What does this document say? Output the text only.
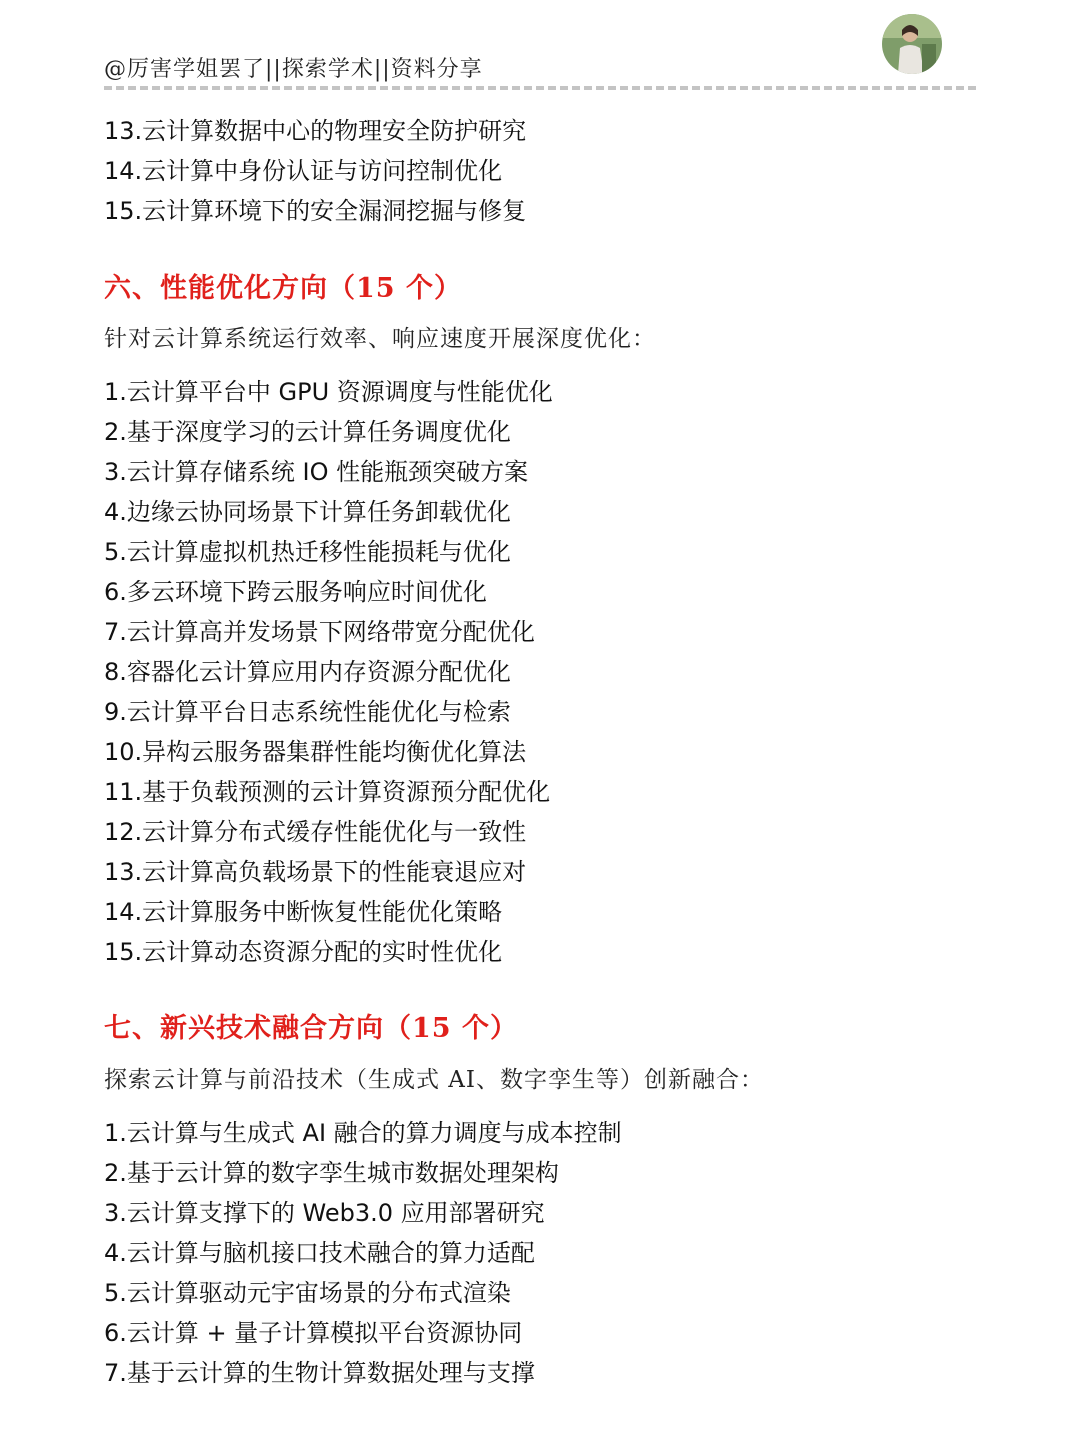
@厉害学姐罢了||探索学术||资料分享
13.云计算数据中心的物理安全防护研究
14.云计算中身份认证与访问控制优化
15.云计算环境下的安全漏洞挖掘与修复
六、性能优化方向（15 个）
针对云计算系统运行效率、响应速度开展深度优化：
1.云计算平台中 GPU 资源调度与性能优化
2.基于深度学习的云计算任务调度优化
3.云计算存储系统 IO 性能瓶颈突破方案
4.边缘云协同场景下计算任务卸载优化
5.云计算虚拟机热迁移性能损耗与优化
6.多云环境下跨云服务响应时间优化
7.云计算高并发场景下网络带宽分配优化
8.容器化云计算应用内存资源分配优化
9.云计算平台日志系统性能优化与检索
10.异构云服务器集群性能均衡优化算法
11.基于负载预测的云计算资源预分配优化
12.云计算分布式缓存性能优化与一致性
13.云计算高负载场景下的性能衰退应对
14.云计算服务中断恢复性能优化策略
15.云计算动态资源分配的实时性优化
七、新兴技术融合方向（15 个）
探索云计算与前沿技术（生成式 AI、数字孪生等）创新融合：
1.云计算与生成式 AI 融合的算力调度与成本控制
2.基于云计算的数字孪生城市数据处理架构
3.云计算支撑下的 Web3.0 应用部署研究
4.云计算与脑机接口技术融合的算力适配
5.云计算驱动元宇宙场景的分布式渲染
6.云计算 + 量子计算模拟平台资源协同
7.基于云计算的生物计算数据处理与支撑
